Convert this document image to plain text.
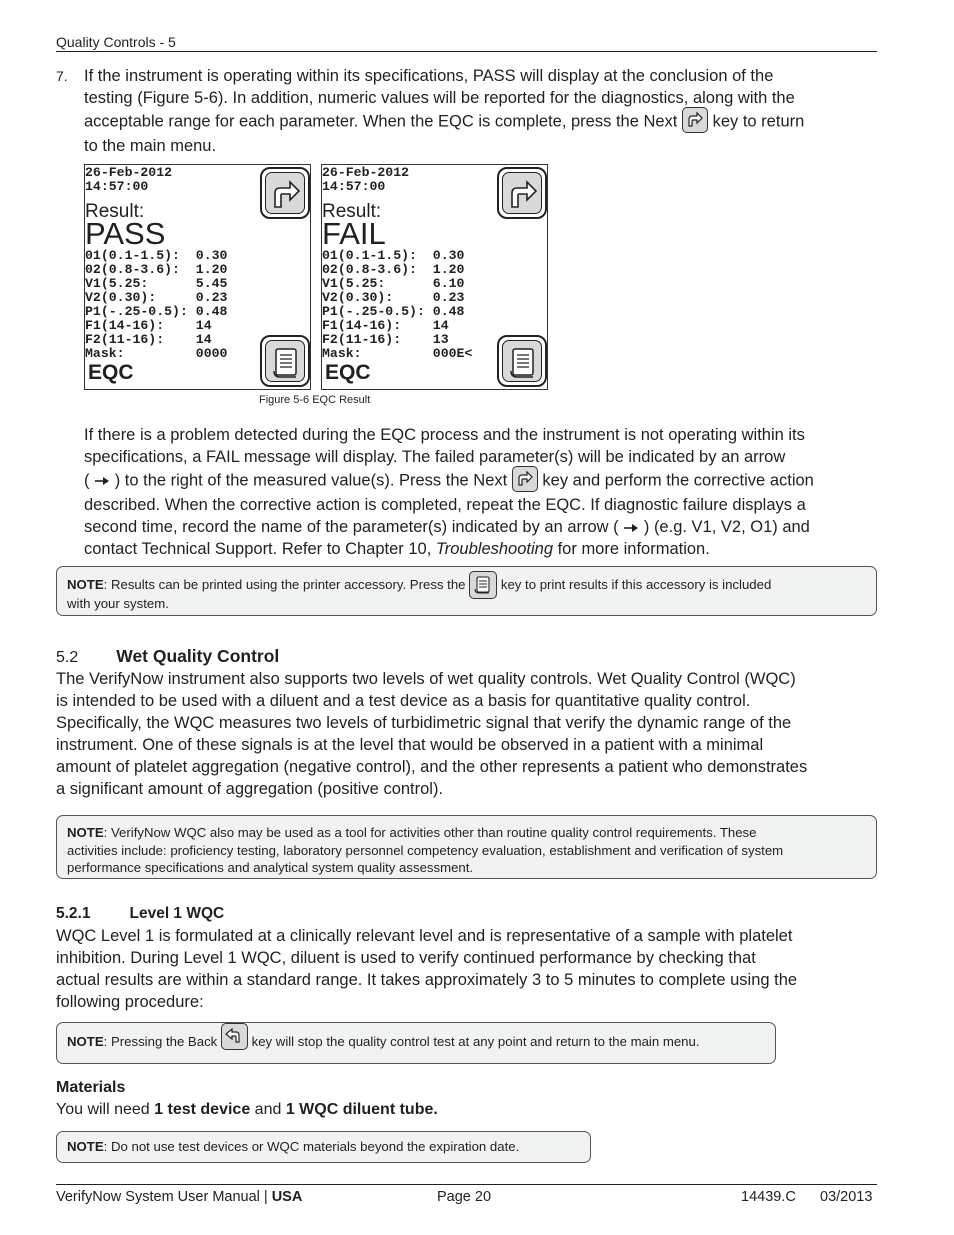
Quality Controls - 5
7. If the instrument is operating within its specifications, PASS will display at the conclusion of the
testing (Figure 5-6). In addition, numeric values will be reported for the diagnostics, along with the
acceptable range for each parameter. When the EQC is complete, press the Next key to return
to the main menu.
26-Feb-2012
14:57:00
Result:
PASS
01(0.1-1.5):  0.30
02(0.8-3.6):  1.20
V1(5.25:      5.45
V2(0.30):     0.23
P1(-.25-0.5): 0.48
F1(14-16):    14
F2(11-16):    14
Mask:         0000
EQC
26-Feb-2012
14:57:00
Result:
FAIL
01(0.1-1.5):  0.30
02(0.8-3.6):  1.20
V1(5.25:      6.10
V2(0.30):     0.23
P1(-.25-0.5): 0.48
F1(14-16):    14
F2(11-16):    13
Mask:         000E<
EQC
Figure 5-6 EQC Result
If there is a problem detected during the EQC process and the instrument is not operating within its
specifications, a FAIL message will display. The failed parameter(s) will be indicated by an arrow
( ) to the right of the measured value(s). Press the Next key and perform the corrective action
described. When the corrective action is completed, repeat the EQC. If diagnostic failure displays a
second time, record the name of the parameter(s) indicated by an arrow ( ) (e.g. V1, V2, O1) and
contact Technical Support. Refer to Chapter 10, Troubleshooting for more information.
NOTE: Results can be printed using the printer accessory. Press the	key to print results if this accessory is included
with your system.
5.2 Wet Quality Control
The VerifyNow instrument also supports two levels of wet quality controls. Wet Quality Control (WQC)
is intended to be used with a diluent and a test device as a basis for quantitative quality control.
Specifically, the WQC measures two levels of turbidimetric signal that verify the dynamic range of the
instrument. One of these signals is at the level that would be observed in a patient with a minimal
amount of platelet aggregation (negative control), and the other represents a patient who demonstrates
a significant amount of aggregation (positive control).
NOTE: VerifyNow WQC also may be used as a tool for activities other than routine quality control requirements. These
activities include: proficiency testing, laboratory personnel competency evaluation, establishment and verification of system
performance specifications and analytical system quality assessment.
5.2.1	Level 1 WQC
WQC Level 1 is formulated at a clinically relevant level and is representative of a sample with platelet
inhibition. During Level 1 WQC, diluent is used to verify continued performance by checking that
actual results are within a standard range. It takes approximately 3 to 5 minutes to complete using the
following procedure:
NOTE: Pressing the Back	key will stop the quality control test at any point and return to the main menu.
Materials
You will need 1 test device and 1 WQC diluent tube.
NOTE: Do not use test devices or WQC materials beyond the expiration date.
VerifyNow System User Manual | USA	Page 20	14439.C 03/2013
